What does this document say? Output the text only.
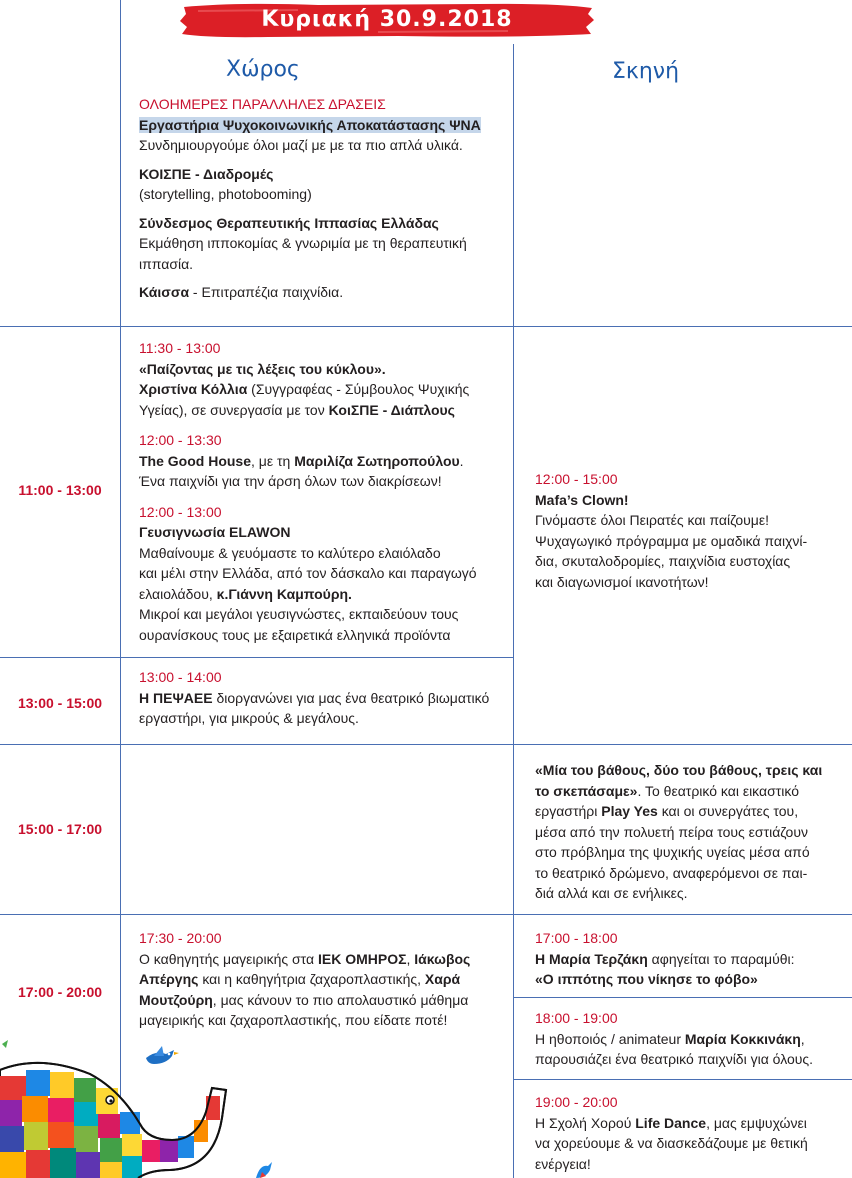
Κυριακή 30.9.2018
Χώρος	Σκηνή
11:00 - 13:00
13:00 - 15:00
15:00 - 17:00
17:00 - 20:00

ΟΛΟΗΜΕΡΕΣ ΠΑΡΑΛΛΗΛΕΣ ΔΡΑΣΕΙΣ

Εργαστήρια Ψυχοκοινωνικής Αποκατάστασης ΨΝΑ

Συνδημιουργούμε όλοι μαζί με με τα πιο απλά υλικά.

ΚΟΙΣΠΕ - Διαδρομές

(storytelling, photobooming)

Σύνδεσμος Θεραπευτικής Ιππασίας Ελλάδας

Εκμάθηση ιπποκομίας & γνωριμία με τη θεραπευτική

ιππασία.

Κάισσα - Επιτραπέζια παιχνίδια.

11:30 - 13:00

«Παίζοντας με τις λέξεις του κύκλου».

Χριστίνα Κόλλια (Συγγραφέας - Σύμβουλος Ψυχικής

Υγείας), σε συνεργασία με τον ΚοιΣΠΕ - Διάπλους

12:00 - 13:30

The Good House, με τη Μαριλίζα Σωτηροπούλου.

Ένα παιχνίδι για την άρση όλων των διακρίσεων!

12:00 - 13:00

Γευσιγνωσία ELAWON

Μαθαίνουμε & γευόμαστε το καλύτερο ελαιόλαδο

και μέλι στην Ελλάδα, από τον δάσκαλο και παραγωγό

ελαιολάδου, κ.Γιάννη Καμπούρη.

Μικροί και μεγάλοι γευσιγνώστες, εκπαιδεύουν τους

ουρανίσκους τους με εξαιρετικά ελληνικά προϊόντα

12:00 - 15:00

Mafa’s Clown!

Γινόμαστε όλοι Πειρατές και παίζουμε!

Ψυχαγωγικό πρόγραμμα με ομαδικά παιχνί-

δια, σκυταλοδρομίες, παιχνίδια ευστοχίας

και διαγωνισμοί ικανοτήτων!

13:00 - 14:00

Η ΠΕΨΑΕΕ διοργανώνει για μας ένα θεατρικό βιωματικό

εργαστήρι, για μικρούς & μεγάλους.

«Μία του βάθους, δύο του βάθους, τρεις και

το σκεπάσαμε». Το θεατρικό και εικαστικό

εργαστήρι Play Yes και οι συνεργάτες του,

μέσα από την πολυετή πείρα τους εστιάζουν

στο πρόβλημα της ψυχικής υγείας μέσα από

το θεατρικό δρώμενο, αναφερόμενοι σε παι-

διά αλλά και σε ενήλικες.

17:30 - 20:00

Ο καθηγητής μαγειρικής στα ΙΕΚ ΟΜΗΡΟΣ, Ιάκωβος

Απέργης και η καθηγήτρια ζαχαροπλαστικής, Χαρά

Μουτζούρη, μας κάνουν το πιο απολαυστικό μάθημα

μαγειρικής και ζαχαροπλαστικής, που είδατε ποτέ!

17:00 - 18:00

Η Μαρία Τερζάκη αφηγείται το παραμύθι:

«Ο ιππότης που νίκησε το φόβο»

18:00 - 19:00

Η ηθοποιός / animateur Μαρία Κοκκινάκη,

παρουσιάζει ένα θεατρικό παιχνίδι για όλους.

19:00 - 20:00

Η Σχολή Χορού Life Dance, μας εμψυχώνει

να χορεύουμε & να διασκεδάζουμε με θετική

ενέργεια!
